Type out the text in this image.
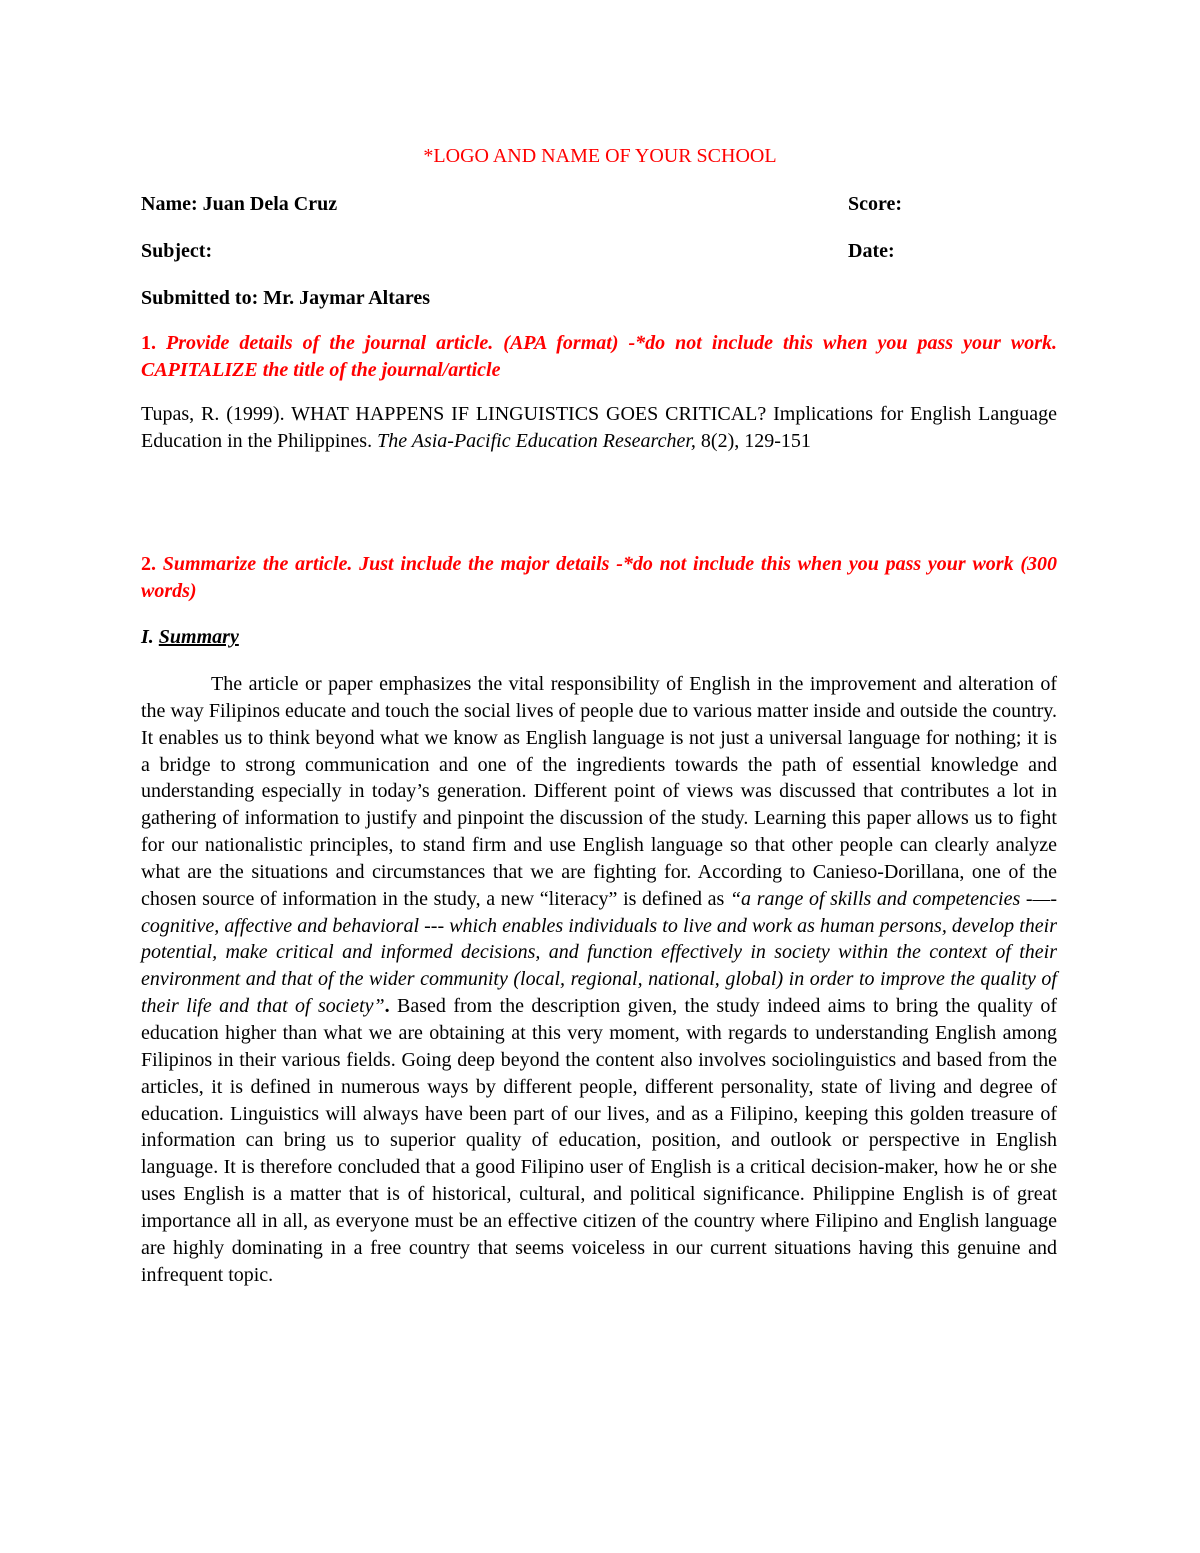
*LOGO AND NAME OF YOUR SCHOOL
Name: Juan Dela Cruz	Score:
Subject:	Date:
Submitted to: Mr. Jaymar Altares
1. Provide details of the journal article. (APA format) -*do not include this when you pass your work. CAPITALIZE the title of the journal/article
Tupas, R. (1999). WHAT HAPPENS IF LINGUISTICS GOES CRITICAL? Implications for English Language Education in the Philippines. The Asia-Pacific Education Researcher, 8(2), 129-151
2. Summarize the article. Just include the major details -*do not include this when you pass your work (300 words)
I. Summary

The article or paper emphasizes the vital responsibility of English in the improvement and alteration of the way Filipinos educate and touch the social lives of people due to various matter inside and outside the country. It enables us to think beyond what we know as English language is not just a universal language for nothing; it is a bridge to strong communication and one of the ingredients towards the path of essential knowledge and understanding especially in today’s generation. Different point of views was discussed that contributes a lot in gathering of information to justify and pinpoint the discussion of the study. Learning this paper allows us to fight for our nationalistic principles, to stand firm and use English language so that other people can clearly analyze what are the situations and circumstances that we are fighting for. According to Canieso-Dorillana, one of the chosen source of information in the study, a new “literacy” is defined as “a range of skills and competencies -—- cognitive, affective and behavioral --- which enables individuals to live and work as human persons, develop their potential, make critical and informed decisions, and function effectively in society within the context of their environment and that of the wider community (local, regional, national, global) in order to improve the quality of their life and that of society”. Based from the description given, the study indeed aims to bring the quality of education higher than what we are obtaining at this very moment, with regards to understanding English among Filipinos in their various fields. Going deep beyond the content also involves sociolinguistics and based from the articles, it is defined in numerous ways by different people, different personality, state of living and degree of education. Linguistics will always have been part of our lives, and as a Filipino, keeping this golden treasure of information can bring us to superior quality of education, position, and outlook or perspective in English language. It is therefore concluded that a good Filipino user of English is a critical decision-maker, how he or she uses English is a matter that is of historical, cultural, and political significance. Philippine English is of great importance all in all, as everyone must be an effective citizen of the country where Filipino and English language are highly dominating in a free country that seems voiceless in our current situations having this genuine and infrequent topic.
